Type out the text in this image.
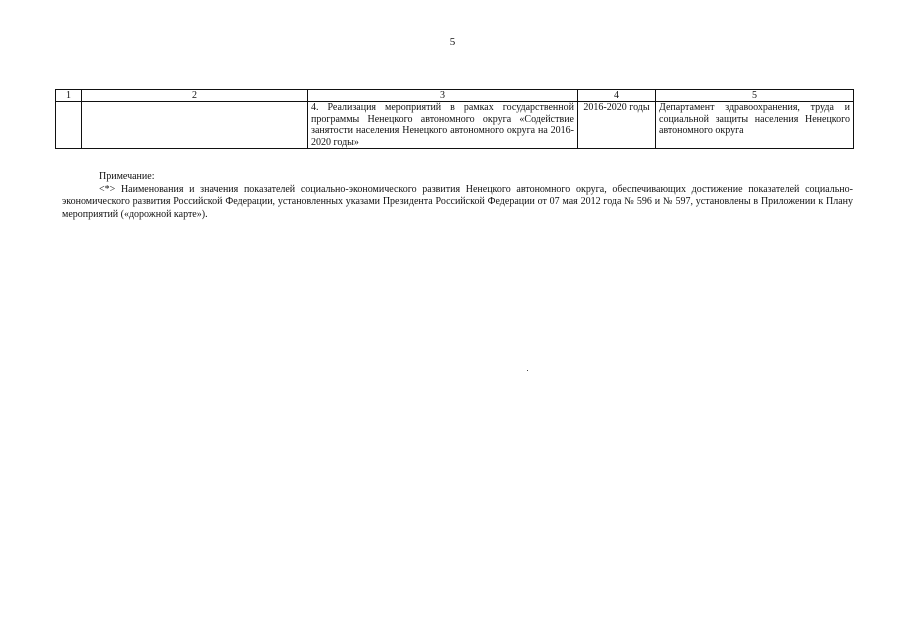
5
1	2	3	4	5
		4. Реализация мероприятий в рамках государственной программы Ненецкого автономного округа «Содействие занятости населения Ненецкого автономного округа на 2016-2020 годы»	2016-2020 годы	Департамент здравоохранения, труда и социальной защиты населения Ненецкого автономного округа
Примечание:
<*> Наименования и значения показателей социально-экономического развития Ненецкого автономного округа, обеспечивающих достижение показателей социально-экономического развития Российской Федерации, установленных указами Президента Российской Федерации от 07 мая 2012 года № 596 и № 597, установлены в Приложении к Плану мероприятий («дорожной карте»).
